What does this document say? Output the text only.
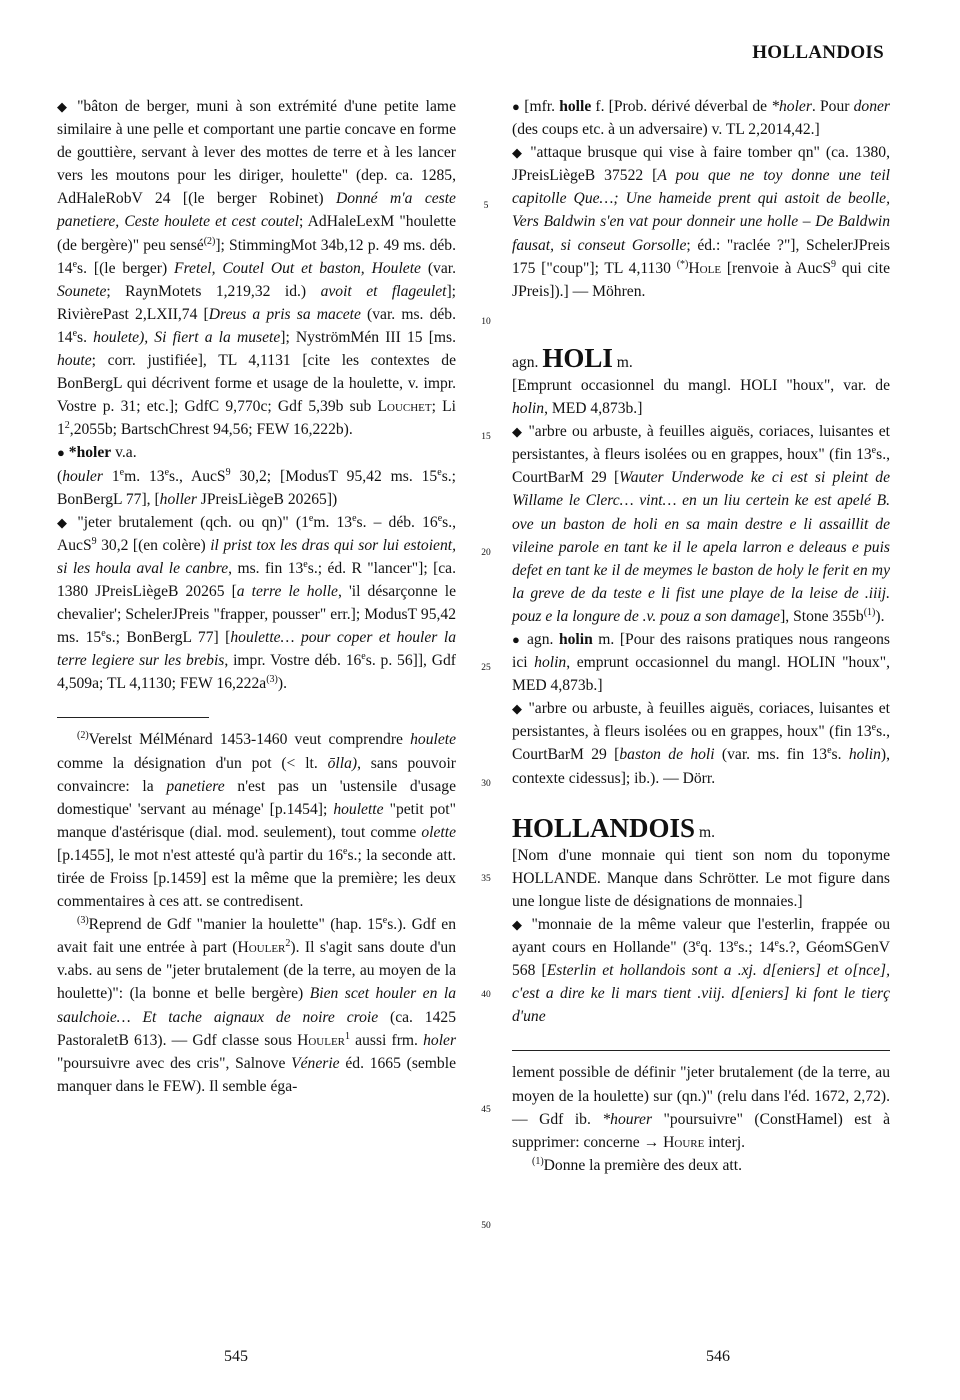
HOLLANDOIS

◆ "bâton de berger, muni à son extrémité d'une petite lame similaire à une pelle et comportant une partie concave en forme de gouttière, servant à lever des mottes de terre et à les lancer vers les moutons pour les diriger, houlette" (dep. ca. 1285, AdHaleRobV 24 [(le berger Robinet) Donné m'a ceste panetiere, Ceste houlete et cest coutel; AdHaleLexM "houlette (de bergère)" peu sensé$^{(2)}$]; StimmingMot 34b,12 p. 49 ms. déb. 14es. [(le berger) Fretel, Coutel Out et baston, Houlete (var. Sounete; RaynMotets 1,219,32 id.) avoit et flageulet]; RivièrePast 2,LXII,74 [Dreus a pris sa macete (var. ms. déb. 14es. houlete), Si fiert a la musete]; NyströmMén III 15 [ms. houte; corr. justifiée], TL 4,1131 [cite les contextes de BonBergL qui décrivent forme et usage de la houlette, v. impr. Vostre p. 31; etc.]; GdfC 9,770c; Gdf 5,39b sub Louchet; Li $1^2,2055b$; BartschChrest 94,56; FEW 16,222b).

● *holer v.a.

(houler 1em. 13es., AucS$^9$ 30,2; [ModusT 95,42 ms. 15es.; BonBergL 77], [holler JPreisLiègeB 20265])

◆ "jeter brutalement (qch. ou qn)" (1em. 13es. – déb. 16es., AucS$^9$ 30,2 [(en colère) il prist tox les dras qui sor lui estoient, si les houla aval le canbre, ms. fin 13es.; éd. R "lancer"]; [ca. 1380 JPreisLiègeB 20265 [a terre le holle, 'il désarçonne le chevalier'; SchelerJPreis "frapper, pousser" err.]; ModusT 95,42 ms. 15es.; BonBergL 77] [houlette… pour coper et houler la terre legiere sur les brebis, impr. Vostre déb. 16es. p. 56]], Gdf 4,509a; TL 4,1130; FEW $16,222a^{(3)}$).

$^{(2)}$Verelst MélMénard 1453-1460 veut comprendre houlete comme la désignation d'un pot (< lt. ōlla), sans pouvoir convaincre: la panetiere n'est pas un 'ustensile d'usage domestique' 'servant au ménage' [p.1454]; houlette "petit pot" manque d'astérisque (dial. mod. seulement), tout comme olette [p.1455], le mot n'est attesté qu'à partir du 16es.; la seconde att. tirée de Froiss [p.1459] est la même que la première; les deux commentaires à ces att. se contredisent.

$^{(3)}$Reprend de Gdf "manier la houlette" (hap. 15es.). Gdf en avait fait une entrée à part (Houler$^2$). Il s'agit sans doute d'un v.abs. au sens de "jeter brutalement (de la terre, au moyen de la houlette)": (la bonne et belle bergère) Bien scet houler en la saulchoie… Et tache aignaux de noire croie (ca. 1425 PastoraletB 613). — Gdf classe sous Houler$^1$ aussi frm. holer "poursuivre avec des cris", Salnove Vénerie éd. 1665 (semble manquer dans le FEW). Il semble éga-

5
10
15
20
25
30
35
40
45
50

● [mfr. holle f. [Prob. dérivé déverbal de *holer. Pour doner (des coups etc. à un adversaire) v. TL 2,2014,42.]

◆ "attaque brusque qui vise à faire tomber qn" (ca. 1380, JPreisLiègeB 37522 [A pou que ne toy donne une teil capitolle Que…; Une hameide prent qui astoit de beolle, Vers Baldwin s'en vat pour donneir une holle – De Baldwin fausat, si conseut Gorsolle; éd.: "raclée ?"], SchelerJPreis 175 ["coup"]; TL 4,1130 (*)Hole [renvoie à AucS$^9$ qui cite JPreis]).] — Möhren.

agn. HOLI m.

[Emprunt occasionnel du mangl. HOLI "houx", var. de holin, MED 4,873b.]

◆ "arbre ou arbuste, à feuilles aiguës, coriaces, luisantes et persistantes, à fleurs isolées ou en grappes, houx" (fin 13es., CourtBarM 29 [Wauter Underwode ke ci est si pleint de Willame le Clerc… vint… en un liu certein ke est apelé B. ove un baston de holi en sa main destre e li assaillit de vileine parole en tant ke il le apela larron e deleaus e puis defet en tant ke il de meymes le baston de holy le ferit en my la greve de da teste e li fist une playe de la leise de .iiij. pouz e la longure de .v. pouz a son damage], Stone $355b^{(1)}$).

● agn. holin m. [Pour des raisons pratiques nous rangeons ici holin, emprunt occasionnel du mangl. HOLIN "houx", MED 4,873b.]

◆ "arbre ou arbuste, à feuilles aiguës, coriaces, luisantes et persistantes, à fleurs isolées ou en grappes, houx" (fin 13es., CourtBarM 29 [baston de holi (var. ms. fin 13es. holin), contexte cidessus]; ib.). — Dörr.

HOLLANDOIS m.

[Nom d'une monnaie qui tient son nom du toponyme HOLLANDE. Manque dans Schrötter. Le mot figure dans une longue liste de désignations de monnaies.]

◆ "monnaie de la même valeur que l'esterlin, frappée ou ayant cours en Hollande" (3eq. 13es.; 14es.?, GéomSGenV 568 [Esterlin et hollandois sont a .xj. d[eniers] et o[nce], c'est a dire ke li mars tient .viij. d[eniers] ki font le tierç d'une

lement possible de définir "jeter brutalement (de la terre, au moyen de la houlette) sur (qn.)" (relu dans l'éd. 1672, 2,72). — Gdf ib. *hourer "poursuivre" (ConstHamel) est à supprimer: concerne → Houre interj.

$^{(1)}$Donne la première des deux att.

545	546
